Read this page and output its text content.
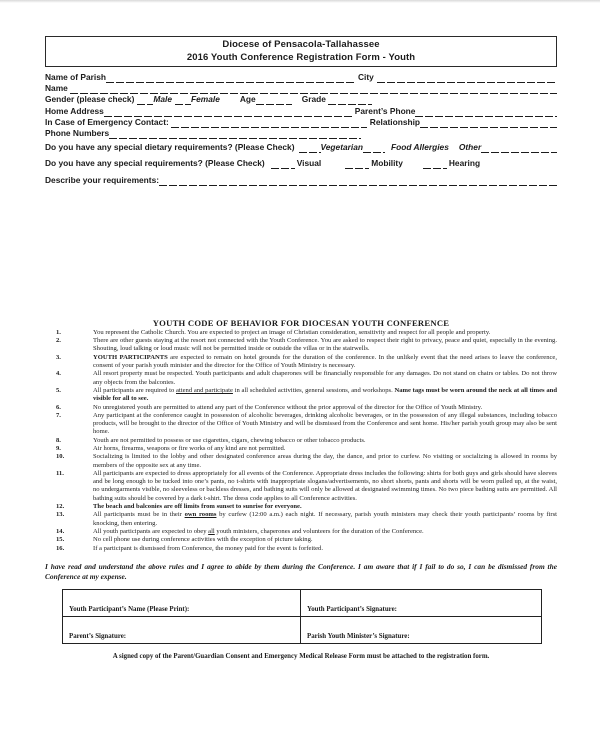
Diocese of Pensacola-Tallahassee
2016 Youth Conference Registration Form - Youth
Name of Parish	City
Name
Gender (please check) Male Female Age	Grade
Home Address	Parent’s Phone
In Case of Emergency Contact:	Relationship
Phone Numbers
Do you have any special dietary requirements? (Please Check)	Vegetarian	Food Allergies Other
Do you have any special requirements? (Please Check)	Visual	Mobility	Hearing
Describe your requirements:
YOUTH CODE OF BEHAVIOR FOR DIOCESAN YOUTH CONFERENCE
1.	You represent the Catholic Church. You are expected to project an image of Christian consideration, sensitivity and respect for all people and property.
2.	There are other guests staying at the resort not connected with the Youth Conference. You are asked to respect their right to privacy, peace and quiet, especially in the evening. Shouting, loud talking or loud music will not be permitted inside or outside the villas or in the stairwells.
3.	YOUTH PARTICIPANTS are expected to remain on hotel grounds for the duration of the conference. In the unlikely event that the need arises to leave the conference, consent of your parish youth minister and the director for the Office of Youth Ministry is necessary.
4.	All resort property must be respected. Youth participants and adult chaperones will be financially responsible for any damages. Do not stand on chairs or tables. Do not throw any objects from the balconies.
5.	All participants are required to attend and participate in all scheduled activities, general sessions, and workshops. Name tags must be worn around the neck at all times and visible for all to see.
6.	No unregistered youth are permitted to attend any part of the Conference without the prior approval of the director for the Office of Youth Ministry.
7.	Any participant at the conference caught in possession of alcoholic beverages, drinking alcoholic beverages, or in the possession of any illegal substances, including tobacco products, will be brought to the director of the Office of Youth Ministry and will be dismissed from the Conference and sent home. His/her parish youth group may also be sent home.
8.	Youth are not permitted to possess or use cigarettes, cigars, chewing tobacco or other tobacco products.
9.	Air horns, firearms, weapons or fire works of any kind are not permitted.
10.	Socializing is limited to the lobby and other designated conference areas during the day, the dance, and prior to curfew. No visiting or socializing is allowed in rooms by members of the opposite sex at any time.
11.	All participants are expected to dress appropriately for all events of the Conference. Appropriate dress includes the following: shirts for both guys and girls should have sleeves and be long enough to be tucked into one’s pants, no t-shirts with inappropriate slogans/advertisements, no short shorts, pants and shorts will be worn pulled up, at the waist, no undergarments visible, no sleeveless or backless dresses, and bathing suits will only be allowed at designated swimming times. No two piece bathing suits are permitted. All bathing suits should be covered by a dark t-shirt. The dress code applies to all Conference activities.
12.	The beach and balconies are off limits from sunset to sunrise for everyone.
13.	All participants must be in their own rooms by curfew (12:00 a.m.) each night. If necessary, parish youth ministers may check their youth participants’ rooms by first knocking, then entering.
14.	All youth participants are expected to obey all youth ministers, chaperones and volunteers for the duration of the Conference.
15.	No cell phone use during conference activities with the exception of picture taking.
16.	If a participant is dismissed from Conference, the money paid for the event is forfeited.
I have read and understand the above rules and I agree to abide by them during the Conference. I am aware that if I fail to do so, I can be dismissed from the Conference at my expense.
Youth Participant’s Name (Please Print):	Youth Participant’s Signature:
Parent’s Signature:	Parish Youth Minister’s Signature:
A signed copy of the Parent/Guardian Consent and Emergency Medical Release Form must be attached to the registration form.
